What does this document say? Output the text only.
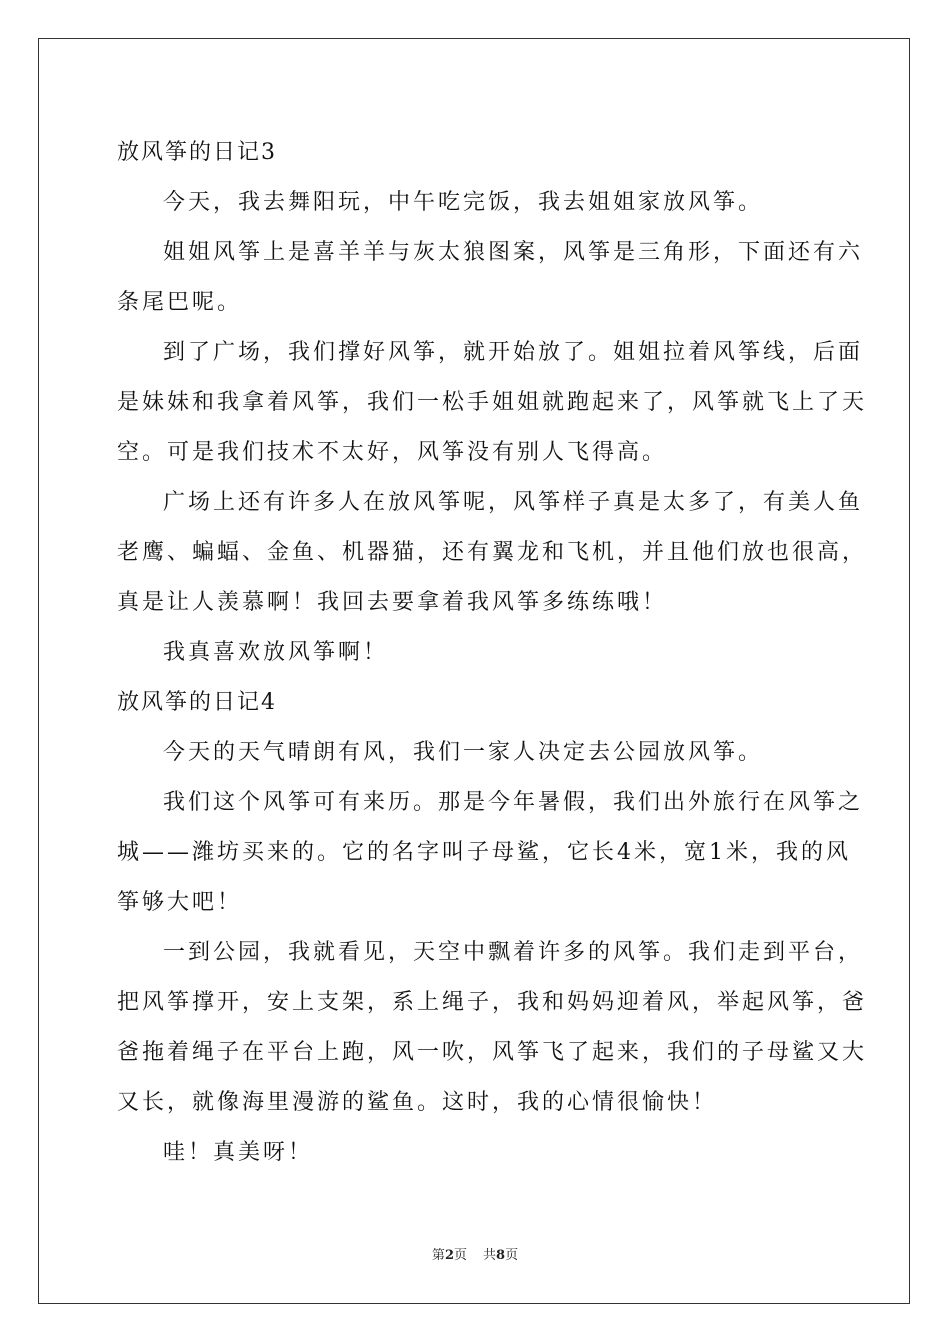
放风筝的日记3
今天，我去舞阳玩，中午吃完饭，我去姐姐家放风筝。
姐姐风筝上是喜羊羊与灰太狼图案，风筝是三角形，下面还有六
条尾巴呢。
到了广场，我们撑好风筝，就开始放了。姐姐拉着风筝线，后面
是妹妹和我拿着风筝，我们一松手姐姐就跑起来了，风筝就飞上了天
空。可是我们技术不太好，风筝没有别人飞得高。
广场上还有许多人在放风筝呢，风筝样子真是太多了，有美人鱼
老鹰、蝙蝠、金鱼、机器猫，还有翼龙和飞机，并且他们放也很高，
真是让人羡慕啊！我回去要拿着我风筝多练练哦！
我真喜欢放风筝啊！
放风筝的日记4
今天的天气晴朗有风，我们一家人决定去公园放风筝。
我们这个风筝可有来历。那是今年暑假，我们出外旅行在风筝之
城——潍坊买来的。它的名字叫子母鲨，它长4米，宽1米，我的风
筝够大吧！
一到公园，我就看见，天空中飘着许多的风筝。我们走到平台，
把风筝撑开，安上支架，系上绳子，我和妈妈迎着风，举起风筝，爸
爸拖着绳子在平台上跑，风一吹，风筝飞了起来，我们的子母鲨又大
又长，就像海里漫游的鲨鱼。这时，我的心情很愉快！
哇！真美呀！
第2页 共8页
